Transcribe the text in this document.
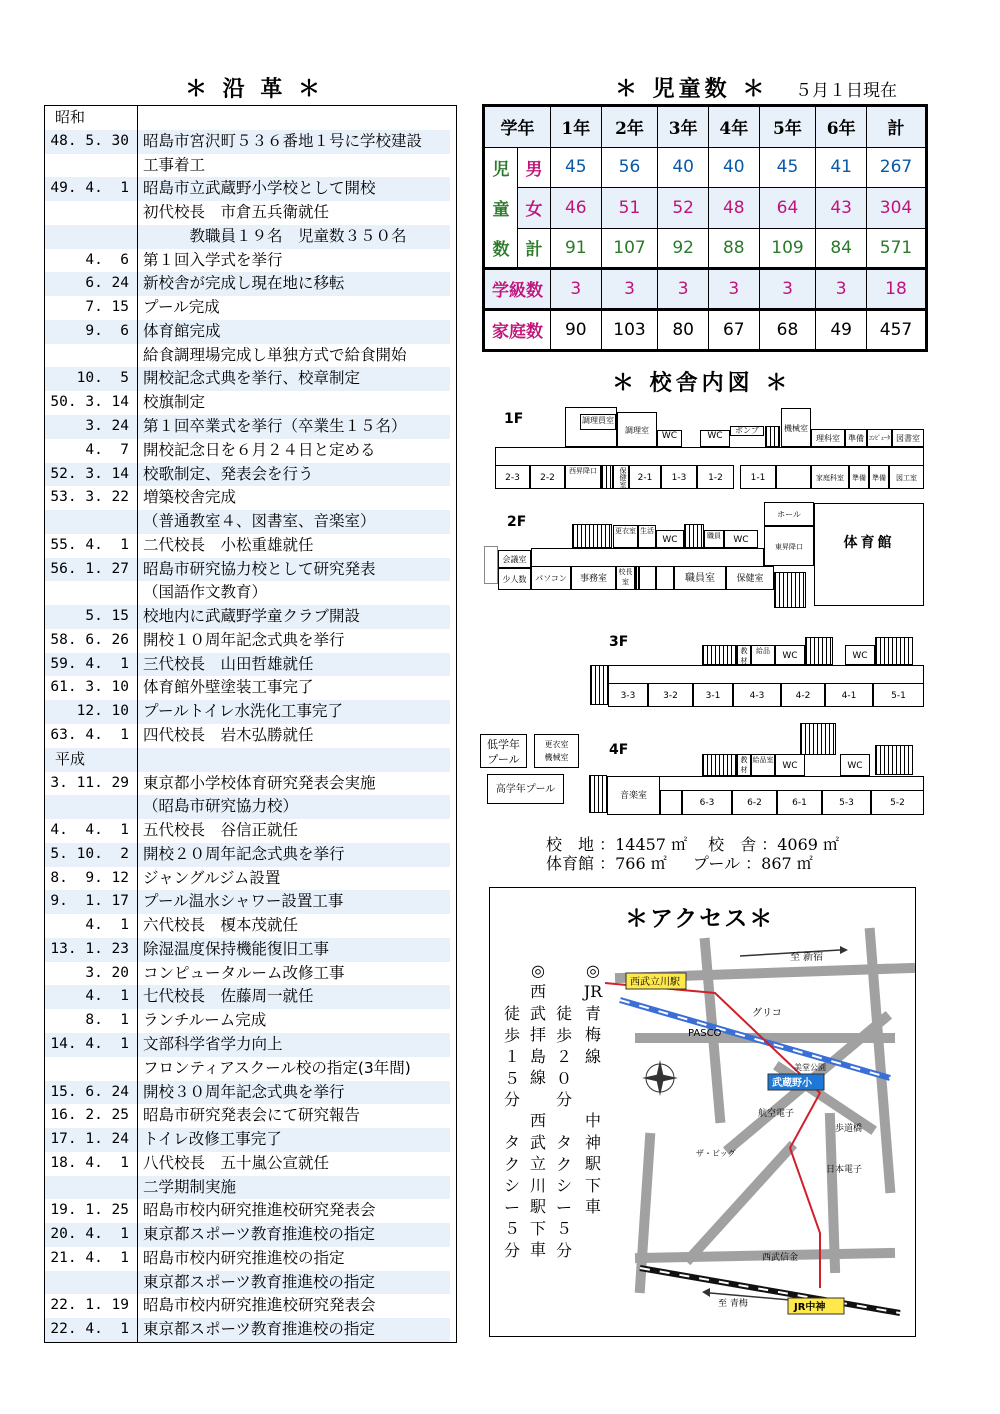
＊ 沿 革 ＊
昭和
48. 5. 30 昭島市宮沢町５３６番地１号に学校建設
工事着工
49. 4.  1 昭島市立武蔵野小学校として開校
初代校長　市倉五兵衛就任
　　　教職員１９名　児童数３５０名
4.  6 第１回入学式を挙行
6. 24 新校舎が完成し現在地に移転
7. 15 プール完成
9.  6 体育館完成
給食調理場完成し単独方式で給食開始
10.  5 開校記念式典を挙行、校章制定
50. 3. 14 校旗制定
3. 24 第１回卒業式を挙行（卒業生１５名）
4.  7 開校記念日を６月２４日と定める
52. 3. 14 校歌制定、発表会を行う
53. 3. 22 増築校舎完成
（普通教室４、図書室、音楽室）
55. 4.  1 二代校長　小松重雄就任
56. 1. 27 昭島市研究協力校として研究発表
（国語作文教育）
5. 15 校地内に武蔵野学童クラブ開設
58. 6. 26 開校１０周年記念式典を挙行
59. 4.  1 三代校長　山田哲雄就任
61. 3. 10 体育館外壁塗装工事完了
12. 10 プールトイレ水洗化工事完了
63. 4.  1 四代校長　岩木弘勝就任
平成
3. 11. 29 東京都小学校体育研究発表会実施
（昭島市研究協力校）
4.  4.  1 五代校長　谷信正就任
5. 10.  2 開校２０周年記念式典を挙行
8.  9. 12 ジャングルジム設置
9.  1. 17 プール温水シャワー設置工事
4.  1 六代校長　榎本茂就任
13. 1. 23 除湿温度保持機能復旧工事
3. 20 コンピュータルーム改修工事
4.  1 七代校長　佐藤周一就任
8.  1 ランチルーム完成
14. 4.  1 文部科学省学力向上
フロンティアスクール校の指定(3年間)
15. 6. 24 開校３０周年記念式典を挙行
16. 2. 25 昭島市研究発表会にて研究報告
17. 1. 24 トイレ改修工事完了
18. 4.  1 八代校長　五十嵐公宣就任
二学期制実施
19. 1. 25 昭島市校内研究推進校研究発表会
20. 4.  1 東京都スポーツ教育推進校の指定
21. 4.  1 昭島市校内研究推進校の指定
東京都スポーツ教育推進校の指定
22. 1. 19 昭島市校内研究推進校研究発表会
22. 4.  1 東京都スポーツ教育推進校の指定
＊ 児童数 ＊ ５月１日現在
学年		1年	2年	3年	4年	5年	6年	計
児	男	45	56	40	40	45	41	267
童	女	46	51	52	48	64	43	304
数	計	91	107	92	88	109	84	571
学級数		3	3	3	3	3	3	18
家庭数		90	103	80	67	68	49	457
＊ 校舎内図 ＊
1F	調理員室
調理室
WC	WC
ポンプ	機械室
理科室	準備 ｺﾝﾋﾟｭｰﾀ 図書室
2-3	2-2
西昇降口	保健室	2-1	1-3	1-2	1-1	家庭科室	準備 準備	図工室
2F
会議室
少人数
更衣室 生活
WC	職員	WC
パソコン	事務室
校長室	職員室	保健室
ホール
東昇降口	体育館
3F
教材
給品	WC	WC
3-3	3-2	3-1	4-3	4-2	4-1	5-1
低学年
プール
更衣室
機械室
高学年プール
4F
教材
給品室
WC	WC
音楽室
6-3	6-2	6-1	5-3	5-2
校　地 ：14457 ㎡　 校　舎 ：4069 ㎡
体育館 ：766 ㎡ 　 プール ：867 ㎡
＊アクセス＊
◎
JR青梅線
徒歩２０分
中神駅下車
タクシー５分
◎
西武拝島線
徒歩１５分
西武立川駅下車
タクシー５分
至 新宿
西武立川駅
グリコ
PASCO
美堂公園
武蔵野小
航空電子
歩道橋
ザ・ビッグ
日本電子
西武信金
至 青梅	JR中神
